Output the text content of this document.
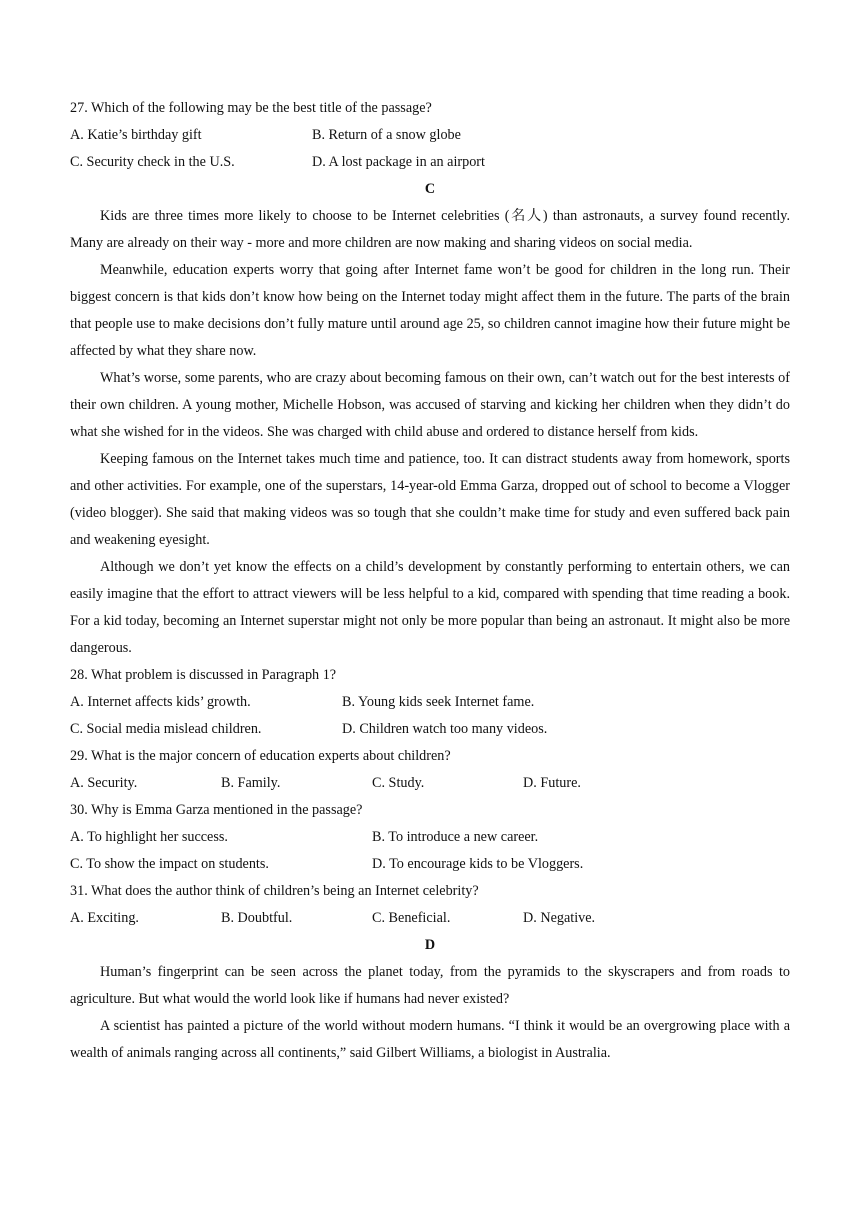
27. Which of the following may be the best title of the passage?

A. Katie’s birthday gift	B. Return of a snow globe
C. Security check in the U.S.	D. A lost package in an airport

C

Kids are three times more likely to choose to be Internet celebrities (名人) than astronauts, a survey found recently. Many are already on their way - more and more children are now making and sharing videos on social media.

Meanwhile, education experts worry that going after Internet fame won’t be good for children in the long run. Their biggest concern is that kids don’t know how being on the Internet today might affect them in the future. The parts of the brain that people use to make decisions don’t fully mature until around age 25, so children cannot imagine how their future might be affected by what they share now.

What’s worse, some parents, who are crazy about becoming famous on their own, can’t watch out for the best interests of their own children. A young mother, Michelle Hobson, was accused of starving and kicking her children when they didn’t do what she wished for in the videos. She was charged with child abuse and ordered to distance herself from kids.

Keeping famous on the Internet takes much time and patience, too. It can distract students away from homework, sports and other activities. For example, one of the superstars, 14-year-old Emma Garza, dropped out of school to become a Vlogger (video blogger). She said that making videos was so tough that she couldn’t make time for study and even suffered back pain and weakening eyesight.

Although we don’t yet know the effects on a child’s development by constantly performing to entertain others, we can easily imagine that the effort to attract viewers will be less helpful to a kid, compared with spending that time reading a book. For a kid today, becoming an Internet superstar might not only be more popular than being an astronaut. It might also be more dangerous.

28. What problem is discussed in Paragraph 1?

A. Internet affects kids’ growth.	B. Young kids seek Internet fame.
C. Social media mislead children.	D. Children watch too many videos.

29. What is the major concern of education experts about children?

A. Security.	B. Family.	C. Study.	D. Future.

30. Why is Emma Garza mentioned in the passage?

A. To highlight her success.	B. To introduce a new career.
C. To show the impact on students.	D. To encourage kids to be Vloggers.

31. What does the author think of children’s being an Internet celebrity?

A. Exciting.	B. Doubtful.	C. Beneficial.	D. Negative.

D

Human’s fingerprint can be seen across the planet today, from the pyramids to the skyscrapers and from roads to agriculture. But what would the world look like if humans had never existed?

A scientist has painted a picture of the world without modern humans. “I think it would be an overgrowing place with a wealth of animals ranging across all continents,” said Gilbert Williams, a biologist in Australia.
